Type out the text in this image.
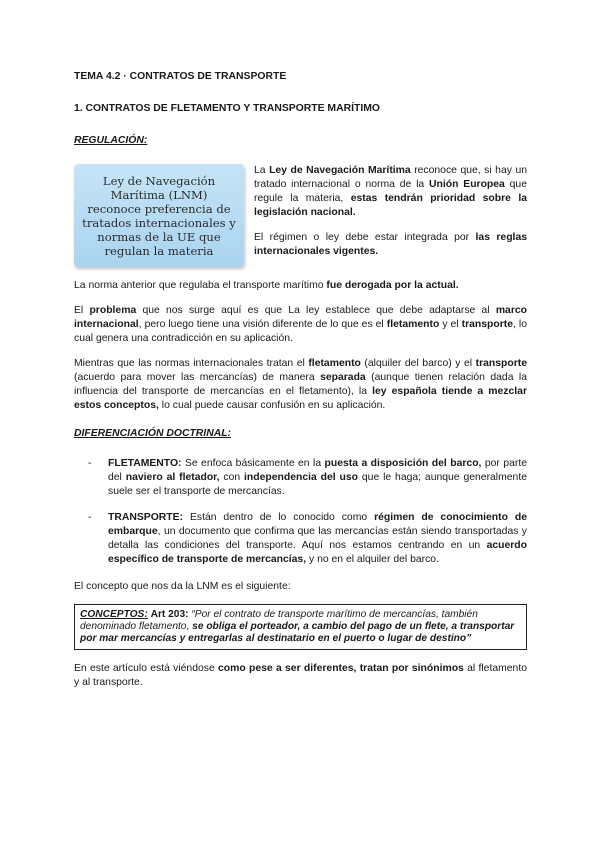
TEMA 4.2 · CONTRATOS DE TRANSPORTE
1. CONTRATOS DE FLETAMENTO Y TRANSPORTE MARÍTIMO
REGULACIÓN:
Ley de Navegación Marítima (LNM) reconoce preferencia de tratados internacionales y normas de la UE que regulan la materia

La Ley de Navegación Marítima reconoce que, si hay un tratado internacional o norma de la Unión Europea que regule la materia, estas tendrán prioridad sobre la legislación nacional.

El régimen o ley debe estar integrada por las reglas internacionales vigentes.

La norma anterior que regulaba el transporte marítimo fue derogada por la actual.

El problema que nos surge aquí es que La ley establece que debe adaptarse al marco internacional, pero luego tiene una visión diferente de lo que es el fletamento y el transporte, lo cual genera una contradicción en su aplicación.

Mientras que las normas internacionales tratan el fletamento (alquiler del barco) y el transporte (acuerdo para mover las mercancías) de manera separada (aunque tienen relación dada la influencia del transporte de mercancías en el fletamento), la ley española tiende a mezclar estos conceptos, lo cual puede causar confusión en su aplicación.

DIFERENCIACIÓN DOCTRINAL:
- FLETAMENTO: Se enfoca básicamente en la puesta a disposición del barco, por parte del naviero al fletador, con independencia del uso que le haga; aunque generalmente suele ser el transporte de mercancías.
- TRANSPORTE: Están dentro de lo conocido como régimen de conocimiento de embarque, un documento que confirma que las mercancías están siendo transportadas y detalla las condiciones del transporte. Aquí nos estamos centrando en un acuerdo específico de transporte de mercancías, y no en el alquiler del barco.

El concepto que nos da la LNM es el siguiente:

CONCEPTOS: Art 203: “Por el contrato de transporte marítimo de mercancías, también denominado fletamento, se obliga el porteador, a cambio del pago de un flete, a transportar por mar mercancías y entregarlas al destinatario en el puerto o lugar de destino”

En este artículo está viéndose como pese a ser diferentes, tratan por sinónimos al fletamento y al transporte.
